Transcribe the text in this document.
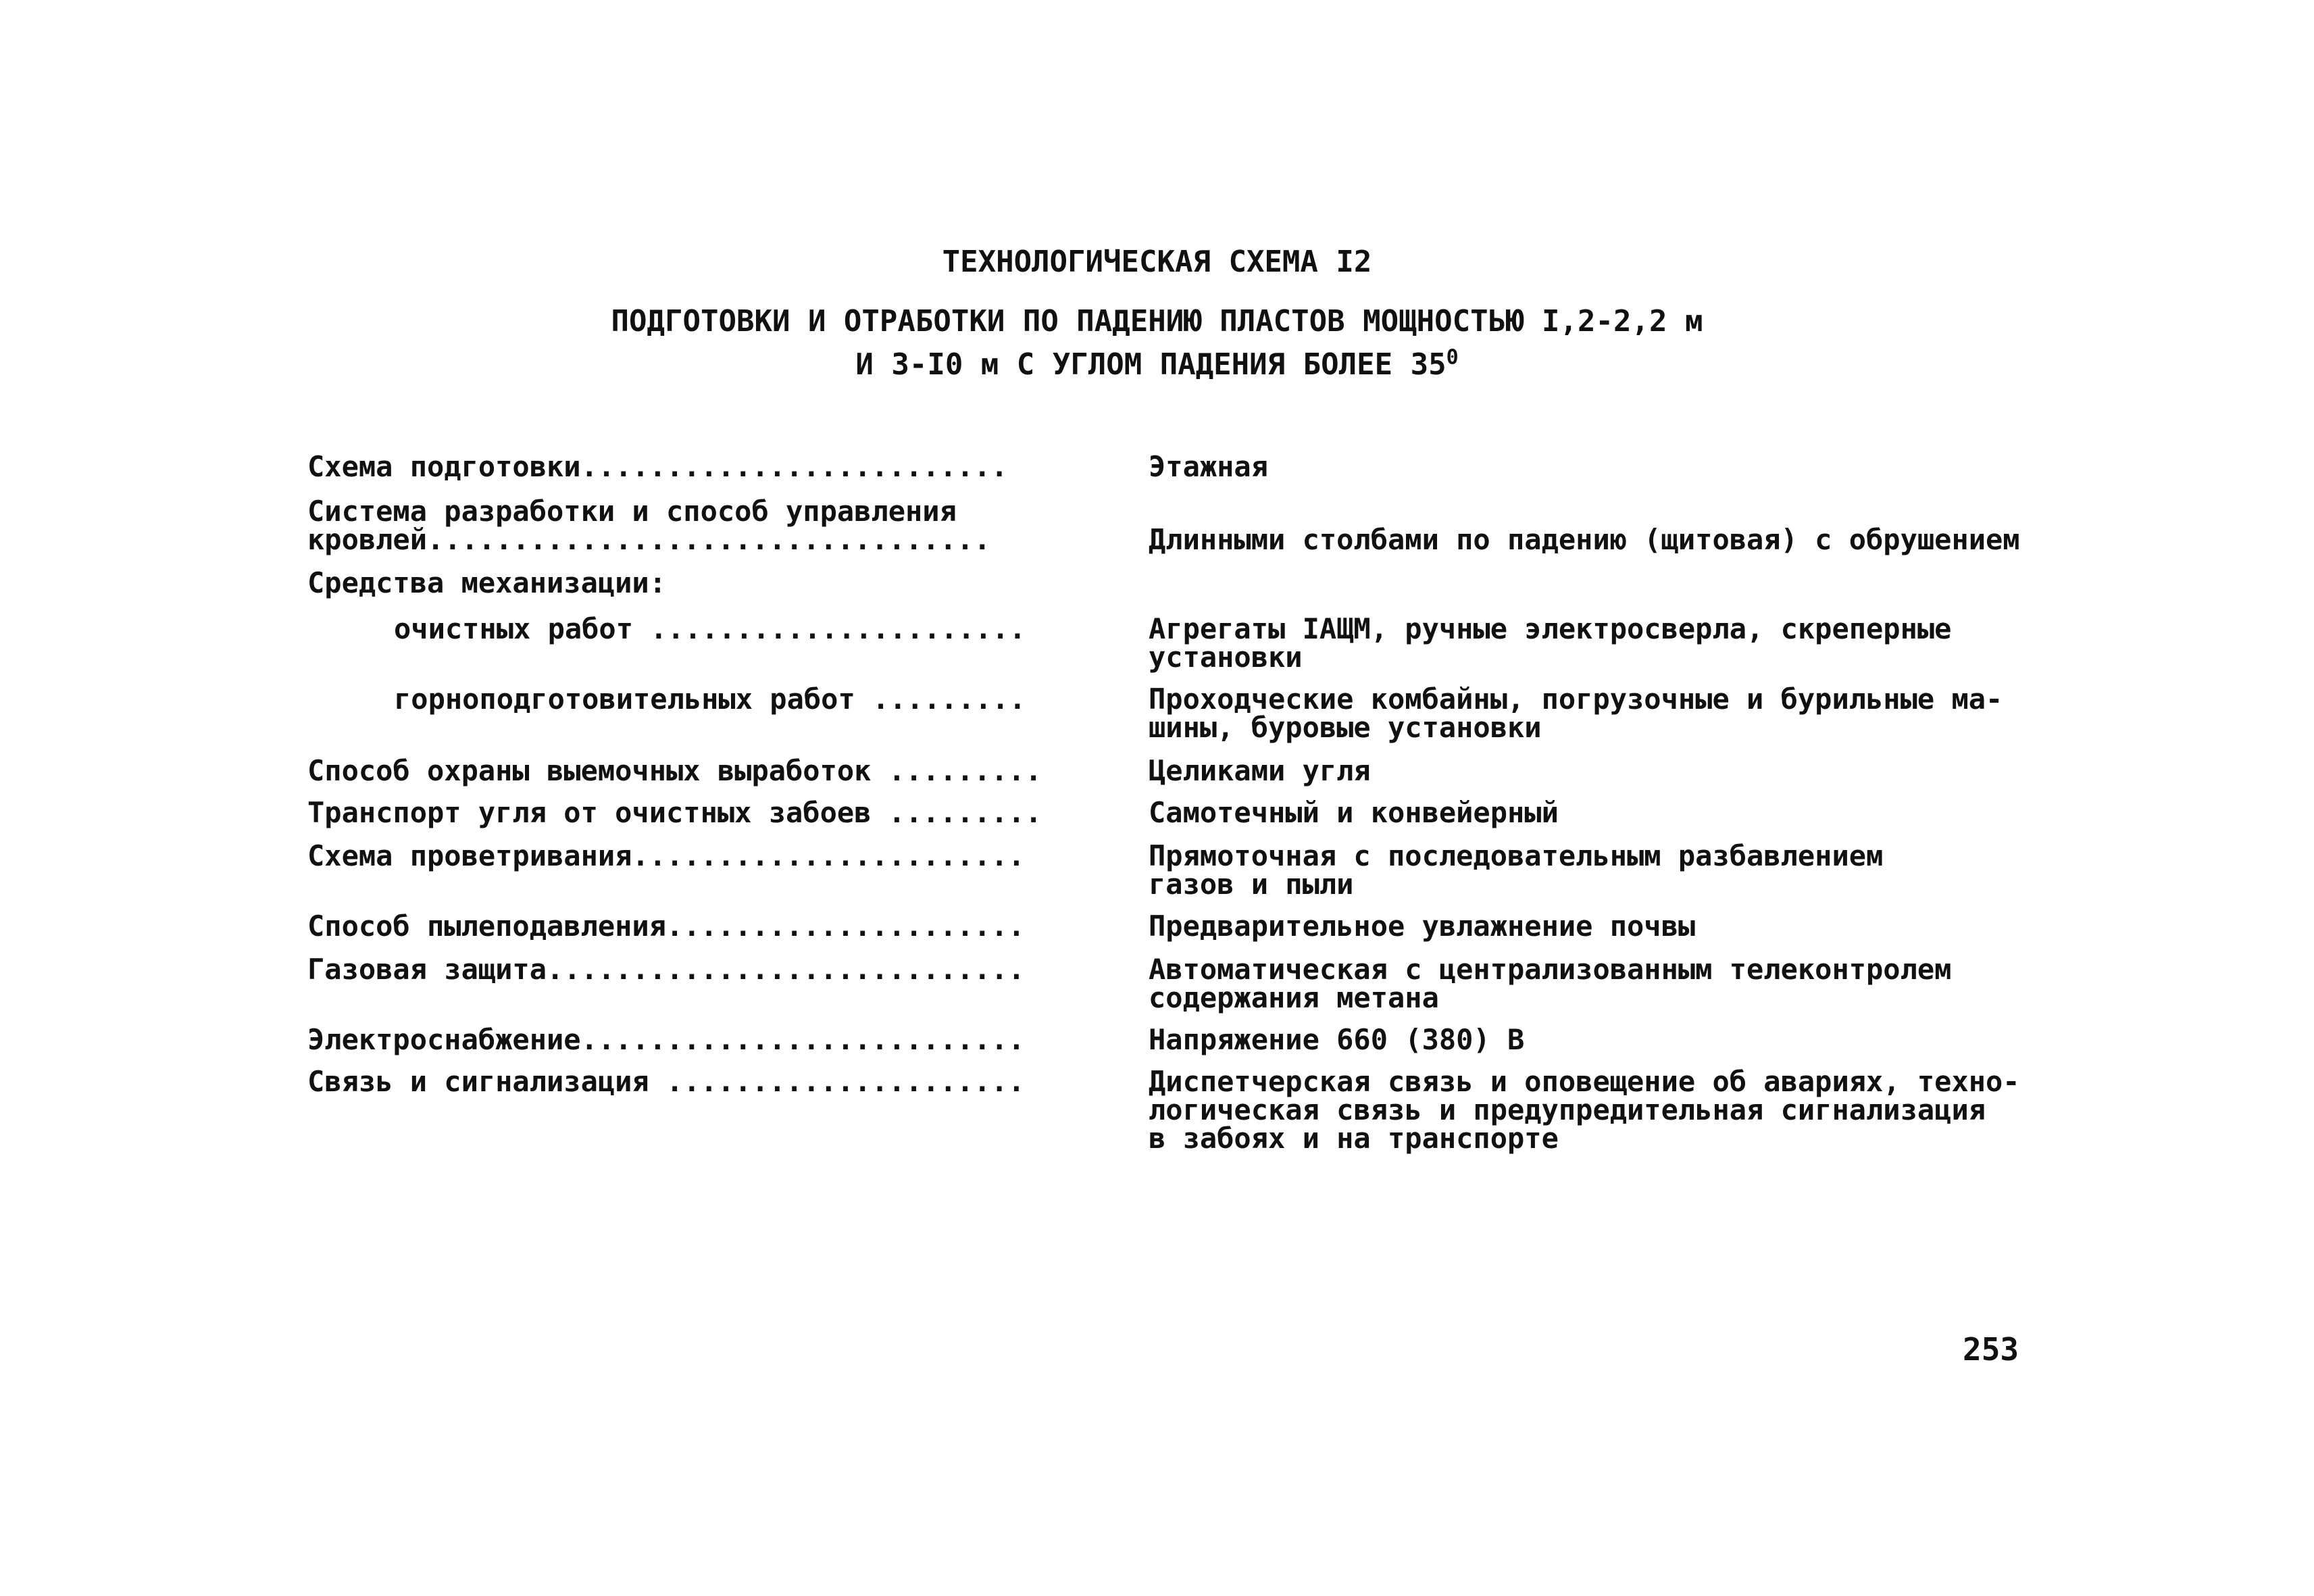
ТЕХНОЛОГИЧЕСКАЯ СХЕМА I2
ПОДГОТОВКИ И ОТРАБОТКИ ПО ПАДЕНИЮ ПЛАСТОВ МОЩНОСТЬЮ I,2-2,2 м
И 3-I0 м С УГЛОМ ПАДЕНИЯ БОЛЕЕ $35^0$
Схема подготовки.........................	Этажная
Система разработки и способ управления
кровлей.................................	
Длинными столбами по падению (щитовая) с обрушением
Средства механизации:
очистных работ ......................	Агрегаты IАЩМ, ручные электросверла, скреперные
установки
горноподготовительных работ .........	Проходческие комбайны, погрузочные и бурильные ма-
шины, буровые установки
Способ охраны выемочных выработок .........	Целиками угля
Транспорт угля от очистных забоев .........	Самотечный и конвейерный
Схема проветривания.......................	Прямоточная с последовательным разбавлением
газов и пыли
Способ пылеподавления.....................	Предварительное увлажнение почвы
Газовая защита............................	Автоматическая с централизованным телеконтролем
содержания метана
Электроснабжение..........................	Напряжение 660 (380) В
Связь и сигнализация .....................	Диспетчерская связь и оповещение об авариях, техно-
логическая связь и предупредительная сигнализация
в забоях и на транспорте
253
